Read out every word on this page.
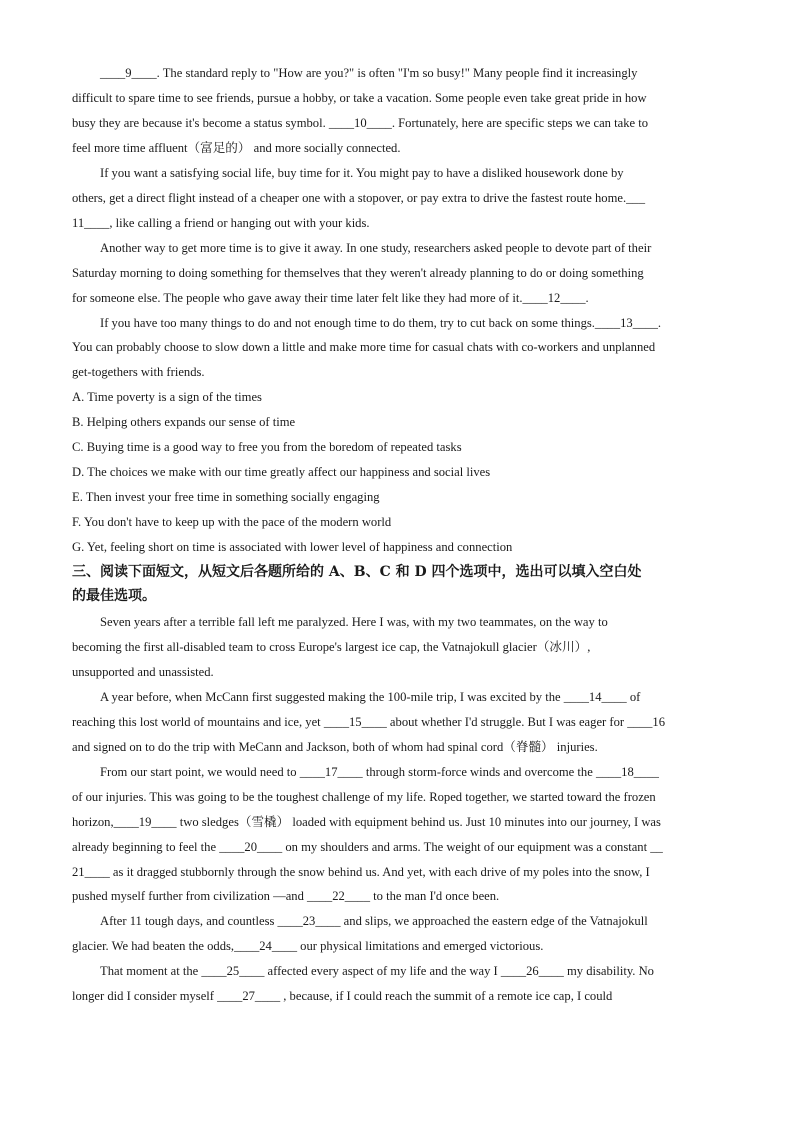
____9____. The standard reply to "How are you?" is often "I'm so busy!" Many people find it increasingly
difficult to spare time to see friends, pursue a hobby, or take a vacation. Some people even take great pride in how
busy they are because it's become a status symbol. ____10____. Fortunately, here are specific steps we can take to
feel more time affluent（富足的） and more socially connected.
If you want a satisfying social life, buy time for it. You might pay to have a disliked housework done by
others, get a direct flight instead of a cheaper one with a stopover, or pay extra to drive the fastest route home.___
11____, like calling a friend or hanging out with your kids.
Another way to get more time is to give it away. In one study, researchers asked people to devote part of their
Saturday morning to doing something for themselves that they weren't already planning to do or doing something
for someone else. The people who gave away their time later felt like they had more of it.____12____.
If you have too many things to do and not enough time to do them, try to cut back on some things.____13____.
You can probably choose to slow down a little and make more time for casual chats with co-workers and unplanned
get-togethers with friends.
A. Time poverty is a sign of the times
B. Helping others expands our sense of time
C. Buying time is a good way to free you from the boredom of repeated tasks
D. The choices we make with our time greatly affect our happiness and social lives
E. Then invest your free time in something socially engaging
F. You don't have to keep up with the pace of the modern world
G. Yet, feeling short on time is associated with lower level of happiness and connection
三、阅读下面短文，从短文后各题所给的 A、B、C 和 D 四个选项中，选出可以填入空白处
的最佳选项。
Seven years after a terrible fall left me paralyzed. Here I was, with my two teammates, on the way to
becoming the first all-disabled team to cross Europe's largest ice cap, the Vatnajokull glacier（冰川）,
unsupported and unassisted.
A year before, when McCann first suggested making the 100-mile trip, I was excited by the ____14____ of
reaching this lost world of mountains and ice, yet ____15____ about whether I'd struggle. But I was eager for ____16
and signed on to do the trip with MeCann and Jackson, both of whom had spinal cord（脊髓） injuries.
From our start point, we would need to ____17____ through storm-force winds and overcome the ____18____
of our injuries. This was going to be the toughest challenge of my life. Roped together, we started toward the frozen
horizon,____19____ two sledges（雪橇） loaded with equipment behind us. Just 10 minutes into our journey, I was
already beginning to feel the ____20____ on my shoulders and arms. The weight of our equipment was a constant __
21____ as it dragged stubbornly through the snow behind us. And yet, with each drive of my poles into the snow, I
pushed myself further from civilization —and ____22____ to the man I'd once been.
After 11 tough days, and countless ____23____ and slips, we approached the eastern edge of the Vatnajokull
glacier. We had beaten the odds,____24____ our physical limitations and emerged victorious.
That moment at the ____25____ affected every aspect of my life and the way I ____26____ my disability. No
longer did I consider myself ____27____ , because, if I could reach the summit of a remote ice cap, I could
